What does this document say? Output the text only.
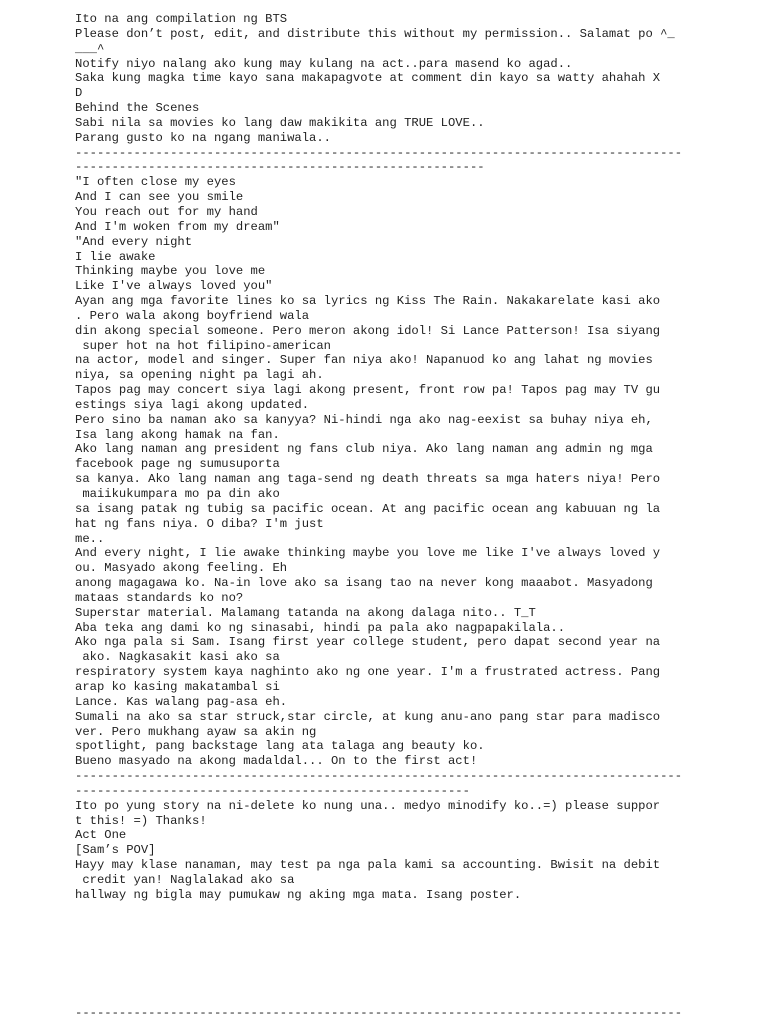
Ito na ang compilation ng BTS
Please don’t post, edit, and distribute this without my permission.. Salamat po ^_
___^
Notify niyo nalang ako kung may kulang na act..para masend ko agad..
Saka kung magka time kayo sana makapagvote at comment din kayo sa watty ahahah X
D
Behind the Scenes
Sabi nila sa movies ko lang daw makikita ang TRUE LOVE..
Parang gusto ko na ngang maniwala..
-----------------------------------------------------------------------------------
--------------------------------------------------------
"I often close my eyes
And I can see you smile
You reach out for my hand
And I'm woken from my dream"
"And every night
I lie awake
Thinking maybe you love me
Like I've always loved you"
Ayan ang mga favorite lines ko sa lyrics ng Kiss The Rain. Nakakarelate kasi ako
. Pero wala akong boyfriend wala
din akong special someone. Pero meron akong idol! Si Lance Patterson! Isa siyang
super hot na hot filipino-american
na actor, model and singer. Super fan niya ako! Napanuod ko ang lahat ng movies
niya, sa opening night pa lagi ah.
Tapos pag may concert siya lagi akong present, front row pa! Tapos pag may TV gu
estings siya lagi akong updated.
Pero sino ba naman ako sa kanyya? Ni-hindi nga ako nag-eexist sa buhay niya eh,
Isa lang akong hamak na fan.
Ako lang naman ang president ng fans club niya. Ako lang naman ang admin ng mga
facebook page ng sumusuporta
sa kanya. Ako lang naman ang taga-send ng death threats sa mga haters niya! Pero
maiikukumpara mo pa din ako
sa isang patak ng tubig sa pacific ocean. At ang pacific ocean ang kabuuan ng la
hat ng fans niya. O diba? I'm just
me..
And every night, I lie awake thinking maybe you love me like I've always loved y
ou. Masyado akong feeling. Eh
anong magagawa ko. Na-in love ako sa isang tao na never kong maaabot. Masyadong
mataas standards ko no?
Superstar material. Malamang tatanda na akong dalaga nito.. T_T
Aba teka ang dami ko ng sinasabi, hindi pa pala ako nagpapakilala..
Ako nga pala si Sam. Isang first year college student, pero dapat second year na
ako. Nagkasakit kasi ako sa
respiratory system kaya naghinto ako ng one year. I'm a frustrated actress. Pang
arap ko kasing makatambal si
Lance. Kas walang pag-asa eh.
Sumali na ako sa star struck,star circle, at kung anu-ano pang star para madisco
ver. Pero mukhang ayaw sa akin ng
spotlight, pang backstage lang ata talaga ang beauty ko.
Bueno masyado na akong madaldal... On to the first act!
-----------------------------------------------------------------------------------
------------------------------------------------------
Ito po yung story na ni-delete ko nung una.. medyo minodify ko..=) please suppor
t this! =) Thanks!
Act One
[Sam’s POV]
Hayy may klase nanaman, may test pa nga pala kami sa accounting. Bwisit na debit
credit yan! Naglalakad ako sa
hallway ng bigla may pumukaw ng aking mga mata. Isang poster.
-----------------------------------------------------------------------------------
